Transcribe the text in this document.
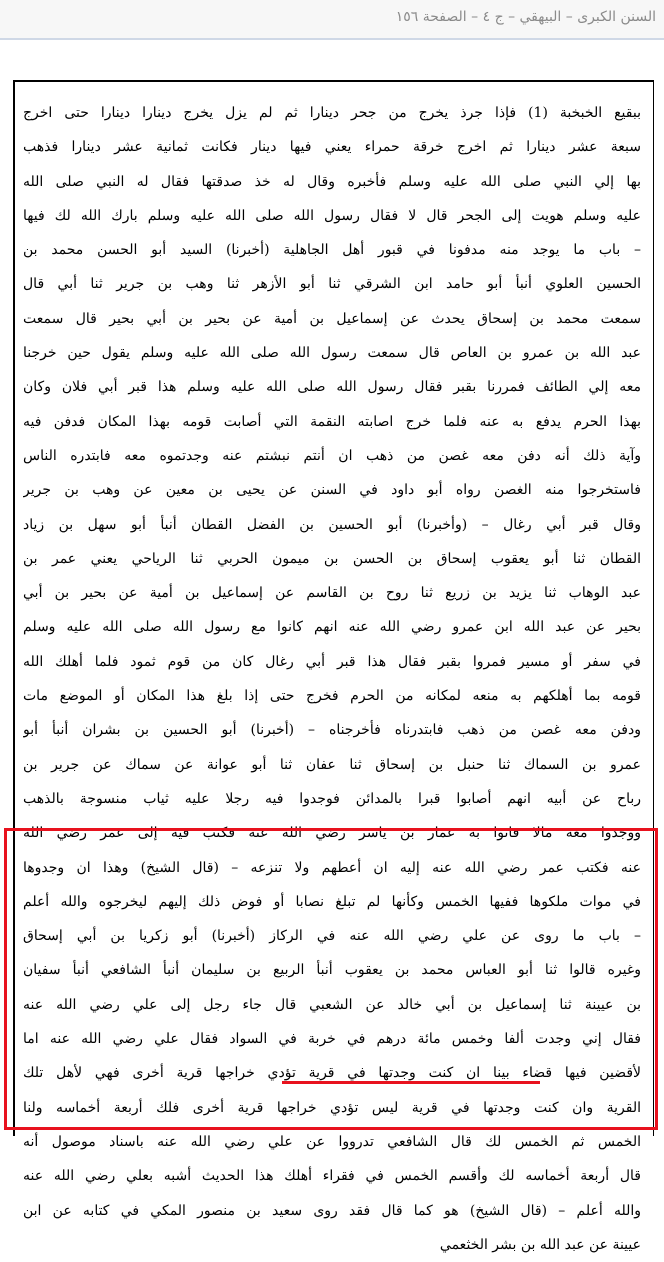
السنن الكبرى – البيهقي – ج ٤ – الصفحة ١٥٦
ببقيع الخبخبة (1) فإذا جرذ يخرج من جحر دينارا ثم لم يزل يخرج دينارا دينارا حتى اخرج
سبعة عشر دينارا ثم اخرج خرقة حمراء يعني فيها دينار فكانت ثمانية عشر دينارا فذهب
بها إلي النبي صلى الله عليه وسلم فأخبره وقال له خذ صدقتها فقال له النبي صلى الله
عليه وسلم هويت إلى الجحر قال لا فقال رسول الله صلى الله عليه وسلم بارك الله لك فيها
– باب ما يوجد منه مدفونا في قبور أهل الجاهلية (أخبرنا) السيد أبو الحسن محمد بن
الحسين العلوي أنبأ أبو حامد ابن الشرقي ثنا أبو الأزهر ثنا وهب بن جرير ثنا أبي قال
سمعت محمد بن إسحاق يحدث عن إسماعيل بن أمية عن بحير بن أبي بحير قال سمعت
عبد الله بن عمرو بن العاص قال سمعت رسول الله صلى الله عليه وسلم يقول حين خرجنا
معه إلي الطائف فمررنا بقبر فقال رسول الله صلى الله عليه وسلم هذا قبر أبي فلان وكان
بهذا الحرم يدفع به عنه فلما خرج اصابته النقمة التي أصابت قومه بهذا المكان فدفن فيه
وآية ذلك أنه دفن معه غصن من ذهب ان أنتم نبشتم عنه وجدتموه معه فابتدره الناس
فاستخرجوا منه الغصن رواه أبو داود في السنن عن يحيى بن معين عن وهب بن جرير
وقال قبر أبي رغال – (وأخبرنا) أبو الحسين بن الفضل القطان أنبأ أبو سهل بن زياد
القطان ثنا أبو يعقوب إسحاق بن الحسن بن ميمون الحربي ثنا الرياحي يعني عمر بن
عبد الوهاب ثنا يزيد بن زريع ثنا روح بن القاسم عن إسماعيل بن أمية عن بحير بن أبي
بحير عن عبد الله ابن عمرو رضي الله عنه انهم كانوا مع رسول الله صلى الله عليه وسلم
في سفر أو مسير فمروا بقبر فقال هذا قبر أبي رغال كان من قوم ثمود فلما أهلك الله
قومه بما أهلكهم به منعه لمكانه من الحرم فخرج حتى إذا بلغ هذا المكان أو الموضع مات
ودفن معه غصن من ذهب فابتدرناه فأخرجناه – (أخبرنا) أبو الحسين بن بشران أنبأ أبو
عمرو بن السماك ثنا حنبل بن إسحاق ثنا عفان ثنا أبو عوانة عن سماك عن جرير بن
رباح عن أبيه انهم أصابوا قبرا بالمدائن فوجدوا فيه رجلا عليه ثياب منسوجة بالذهب
ووجدوا معه مالا فاتوا به عمار بن ياسر رضي الله عنه فكتب فيه إلى عمر رضي الله
عنه فكتب عمر رضي الله عنه إليه ان أعطهم ولا تنزعه – (قال الشيخ) وهذا ان وجدوها
في موات ملكوها ففيها الخمس وكأنها لم تبلغ نصابا أو فوض ذلك إليهم ليخرجوه والله أعلم
– باب ما روى عن علي رضي الله عنه في الركاز (أخبرنا) أبو زكريا بن أبي إسحاق
وغيره قالوا ثنا أبو العباس محمد بن يعقوب أنبأ الربيع بن سليمان أنبأ الشافعي أنبأ سفيان
بن عيينة ثنا إسماعيل بن أبي خالد عن الشعبي قال جاء رجل إلى علي رضي الله عنه
فقال إني وجدت ألفا وخمس مائة درهم في خربة في السواد فقال علي رضي الله عنه اما
لأقضين فيها قضاء بينا ان كنت وجدتها في قرية تؤدي خراجها قرية أخرى فهي لأهل تلك
القرية وان كنت وجدتها في قرية ليس تؤدي خراجها قرية أخرى فلك أربعة أخماسه ولنا
الخمس ثم الخمس لك قال الشافعي تدرووا عن علي رضي الله عنه باسناد موصول أنه
قال أربعة أخماسه لك وأقسم الخمس في فقراء أهلك هذا الحديث أشبه بعلي رضي الله عنه
والله أعلم – (قال الشيخ) هو كما قال فقد روى سعيد بن منصور المكي في كتابه عن ابن
عيينة عن عبد الله بن بشر الخثعمي
